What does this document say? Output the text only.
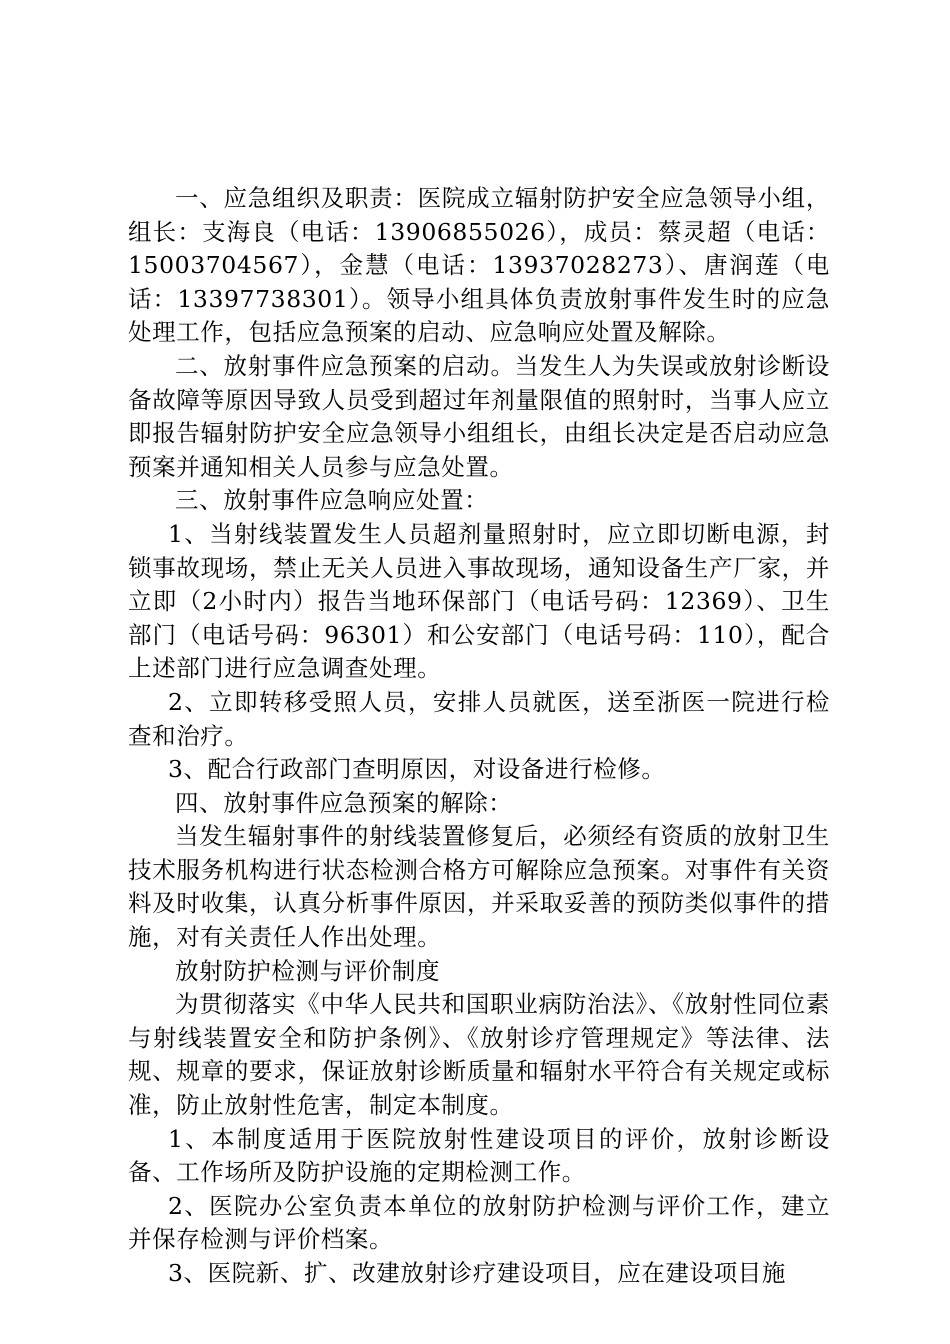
一、应急组织及职责：医院成立辐射防护安全应急领导小组，组长：支海良（电话：13906855026），成员：蔡灵超（电话：15003704567），金慧（电话：13937028273）、唐润莲（电话：13397738301）。领导小组具体负责放射事件发生时的应急处理工作，包括应急预案的启动、应急响应处置及解除。

二、放射事件应急预案的启动。当发生人为失误或放射诊断设备故障等原因导致人员受到超过年剂量限值的照射时，当事人应立即报告辐射防护安全应急领导小组组长，由组长决定是否启动应急预案并通知相关人员参与应急处置。

三、放射事件应急响应处置：

1、当射线装置发生人员超剂量照射时，应立即切断电源，封锁事故现场，禁止无关人员进入事故现场，通知设备生产厂家，并立即（2小时内）报告当地环保部门（电话号码：12369）、卫生部门（电话号码：96301）和公安部门（电话号码：110），配合上述部门进行应急调查处理。

2、立即转移受照人员，安排人员就医，送至浙医一院进行检查和治疗。

3、配合行政部门查明原因，对设备进行检修。

四、放射事件应急预案的解除：

当发生辐射事件的射线装置修复后，必须经有资质的放射卫生技术服务机构进行状态检测合格方可解除应急预案。对事件有关资料及时收集，认真分析事件原因，并采取妥善的预防类似事件的措施，对有关责任人作出处理。

放射防护检测与评价制度

为贯彻落实《中华人民共和国职业病防治法》、《放射性同位素与射线装置安全和防护条例》、《放射诊疗管理规定》等法律、法规、规章的要求，保证放射诊断质量和辐射水平符合有关规定或标准，防止放射性危害，制定本制度。

1、本制度适用于医院放射性建设项目的评价，放射诊断设备、工作场所及防护设施的定期检测工作。

2、医院办公室负责本单位的放射防护检测与评价工作，建立并保存检测与评价档案。

3、医院新、扩、改建放射诊疗建设项目，应在建设项目施
